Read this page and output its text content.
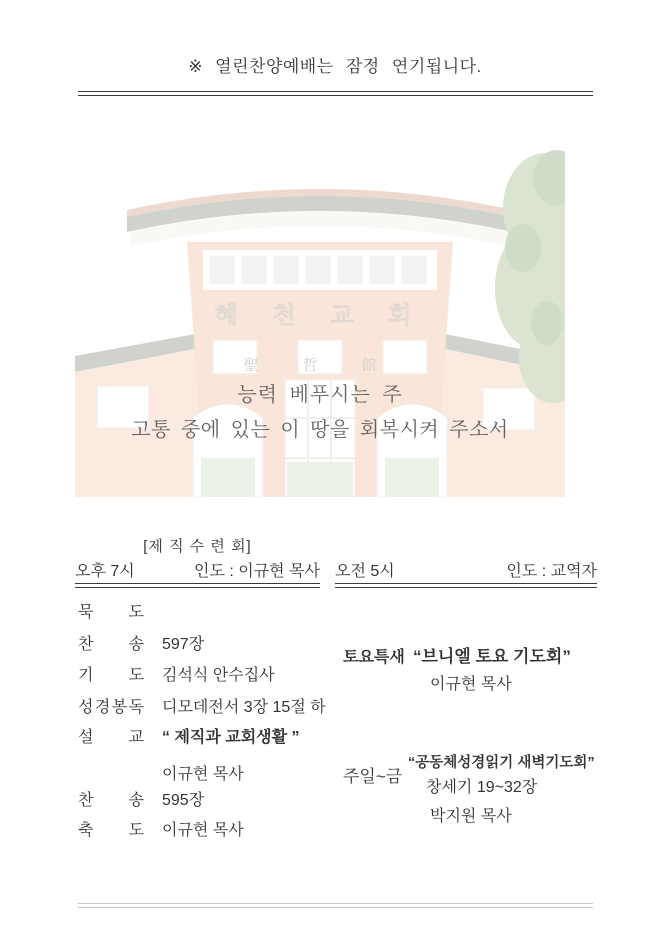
※ 열린찬양예배는 잠정 연기됩니다.
혜 천 교 회
聖 哲 館
능력 베푸시는 주
고통 중에 있는 이 땅을 회복시켜 주소서
[제 직 수 련 회]
오후 7시	인도 : 이규현 목사 오전 5시	인도 : 교역자
묵 도
찬 송 597장
기 도 김석식 안수집사
성 경 봉 독 디모데전서 3장 15절 하
설 교 “ 제직과 교회생활 ”
이규현 목사
찬 송 595장
축 도 이규현 목사
토요특새 “브니엘 토요 기도회”
이규현 목사
“공동체성경읽기 새벽기도회”
주일~금
창세기 19~32장
박지원 목사
